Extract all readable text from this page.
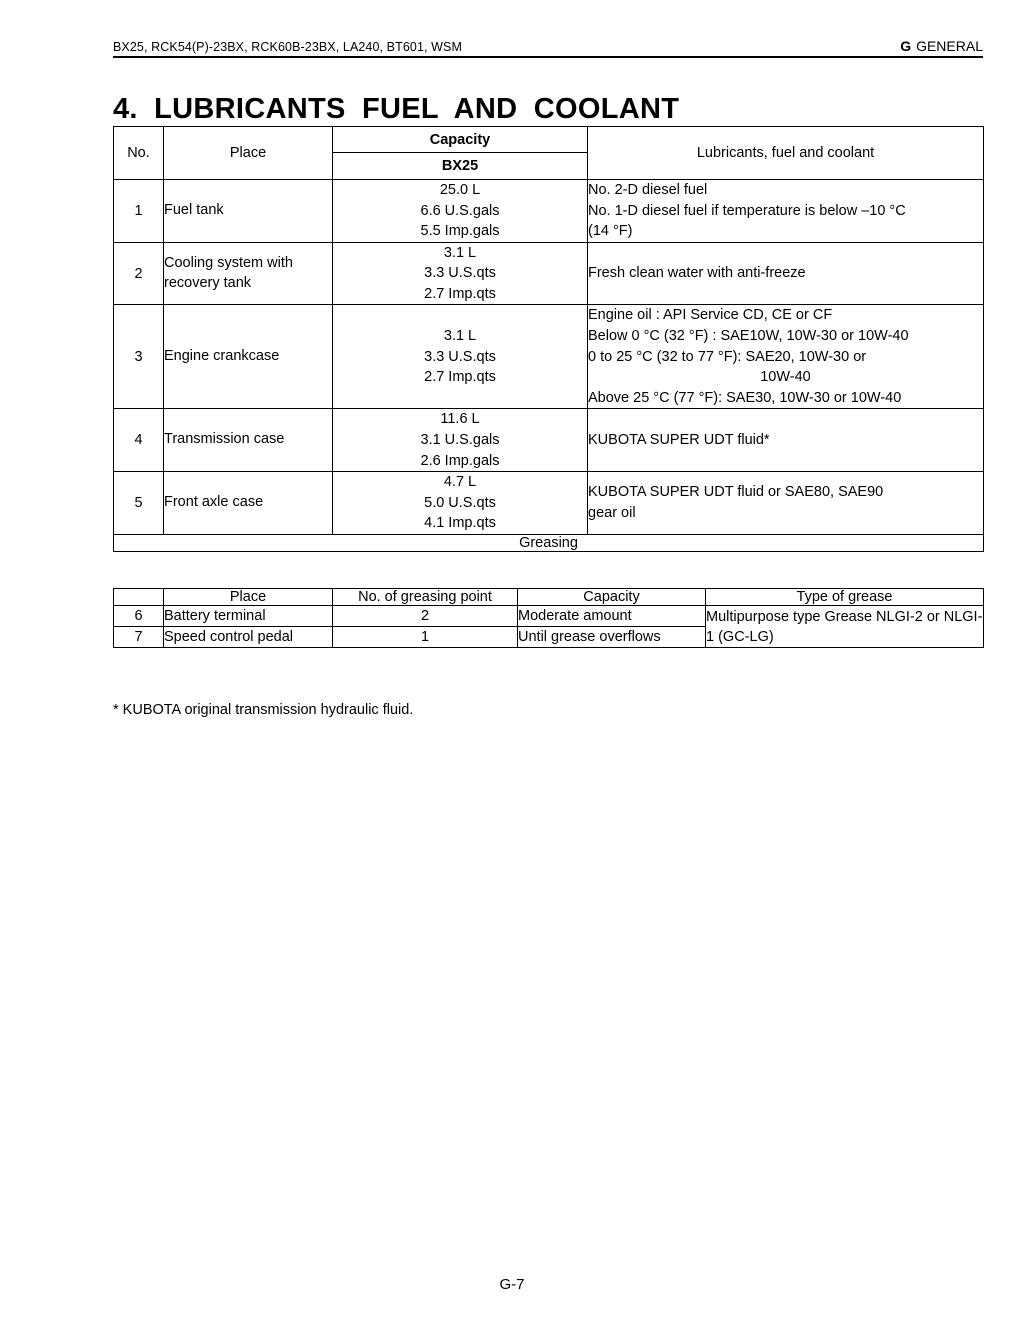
BX25, RCK54(P)-23BX, RCK60B-23BX, LA240, BT601, WSM	G GENERAL
4. LUBRICANTS FUEL AND COOLANT
No.	Place	Capacity
BX25	Lubricants, fuel and coolant
1	Fuel tank	25.0 L
6.6 U.S.gals
5.5 Imp.gals	No. 2-D diesel fuel
No. 1-D diesel fuel if temperature is below –10 °C
(14 °F)

2	Cooling system with recovery tank	3.1 L
3.3 U.S.qts
2.7 Imp.qts	Fresh clean water with anti-freeze

3	Engine crankcase	3.1 L
3.3 U.S.qts
2.7 Imp.qts	Engine oil : API Service CD, CE or CF
Below 0 °C (32 °F) : SAE10W, 10W-30 or 10W-40
0 to 25 °C (32 to 77 °F): SAE20, 10W-30 or
10W-40
Above 25 °C (77 °F): SAE30, 10W-30 or 10W-40

4	Transmission case	11.6 L
3.1 U.S.gals
2.6 Imp.gals	KUBOTA SUPER UDT fluid*

5	Front axle case	4.7 L
5.0 U.S.qts
4.1 Imp.qts	KUBOTA SUPER UDT fluid or SAE80, SAE90
gear oil

Greasing			
	Place	No. of greasing point	Capacity	Type of grease
6	Battery terminal	2	Moderate amount	Multipurpose type Grease NLGI-2 or NLGI-1 (GC-LG)
7	Speed control pedal	1	Until grease overflows	
* KUBOTA original transmission hydraulic fluid.
G-7
